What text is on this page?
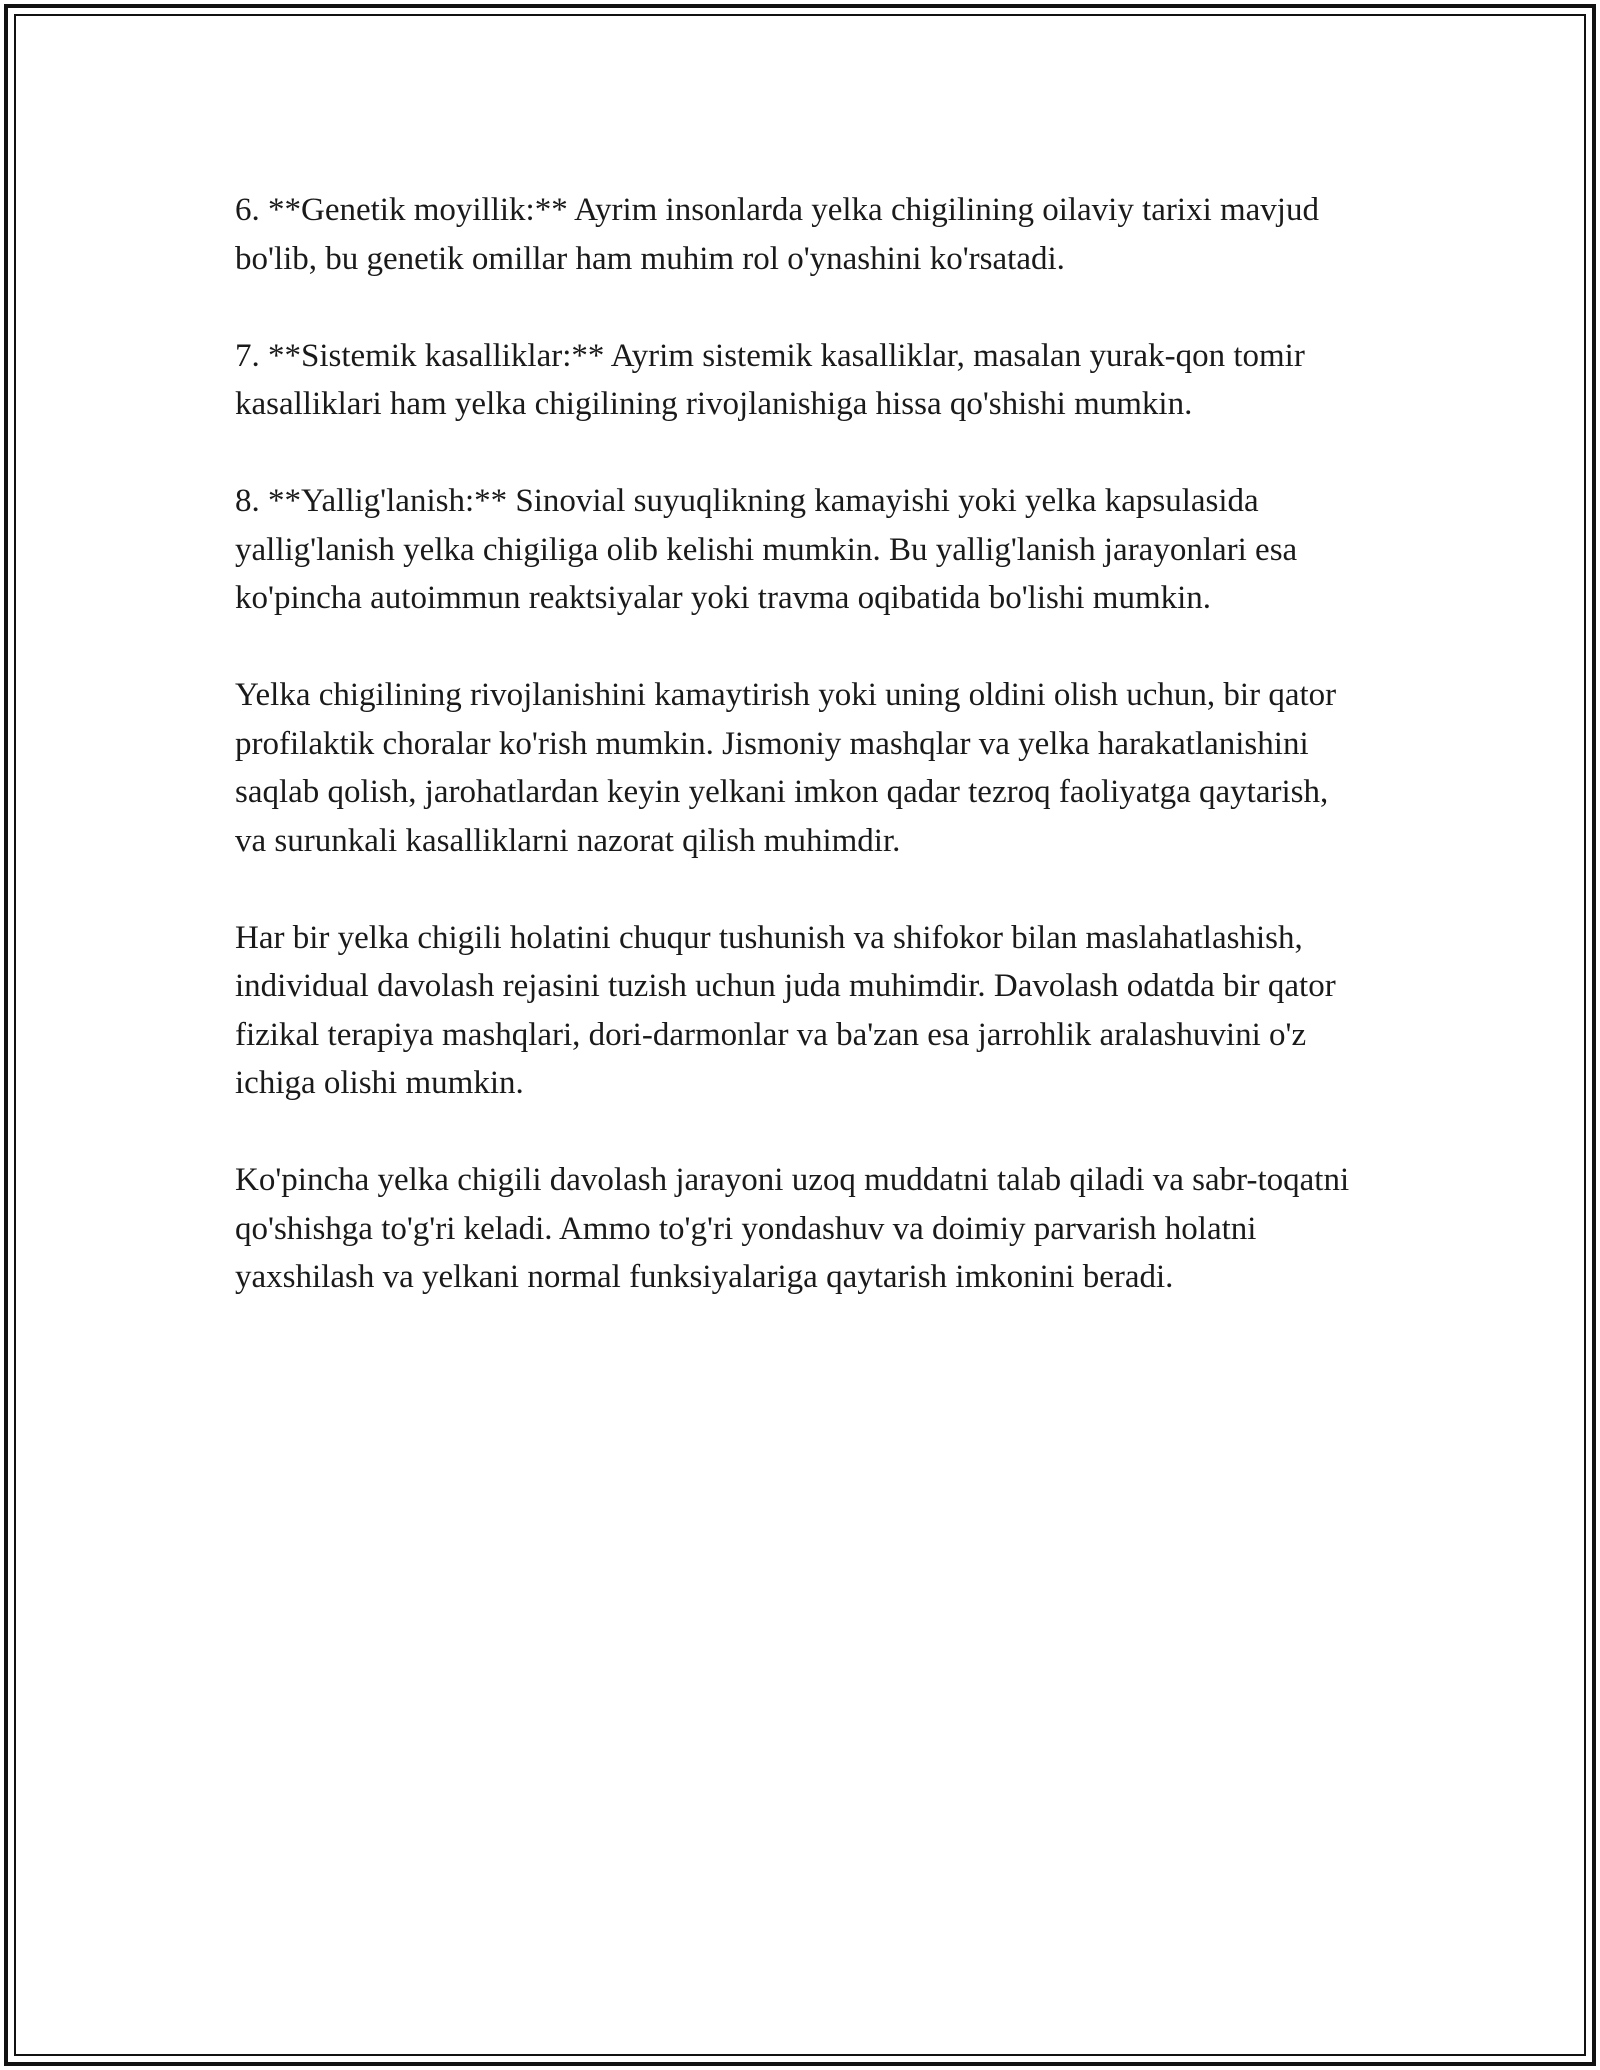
6. **Genetik moyillik:** Ayrim insonlarda yelka chigilining oilaviy tarixi mavjud bo'lib, bu genetik omillar ham muhim rol o'ynashini ko'rsatadi.

7. **Sistemik kasalliklar:** Ayrim sistemik kasalliklar, masalan yurak-qon tomir kasalliklari ham yelka chigilining rivojlanishiga hissa qo'shishi mumkin.

8. **Yallig'lanish:** Sinovial suyuqlikning kamayishi yoki yelka kapsulasida yallig'lanish yelka chigiliga olib kelishi mumkin. Bu yallig'lanish jarayonlari esa ko'pincha autoimmun reaktsiyalar yoki travma oqibatida bo'lishi mumkin.

Yelka chigilining rivojlanishini kamaytirish yoki uning oldini olish uchun, bir qator profilaktik choralar ko'rish mumkin. Jismoniy mashqlar va yelka harakatlanishini saqlab qolish, jarohatlardan keyin yelkani imkon qadar tezroq faoliyatga qaytarish, va surunkali kasalliklarni nazorat qilish muhimdir.

Har bir yelka chigili holatini chuqur tushunish va shifokor bilan maslahatlashish, individual davolash rejasini tuzish uchun juda muhimdir. Davolash odatda bir qator fizikal terapiya mashqlari, dori-darmonlar va ba'zan esa jarrohlik aralashuvini o'z ichiga olishi mumkin.

Ko'pincha yelka chigili davolash jarayoni uzoq muddatni talab qiladi va sabr-toqatni qo'shishga to'g'ri keladi. Ammo to'g'ri yondashuv va doimiy parvarish holatni yaxshilash va yelkani normal funksiyalariga qaytarish imkonini beradi.
